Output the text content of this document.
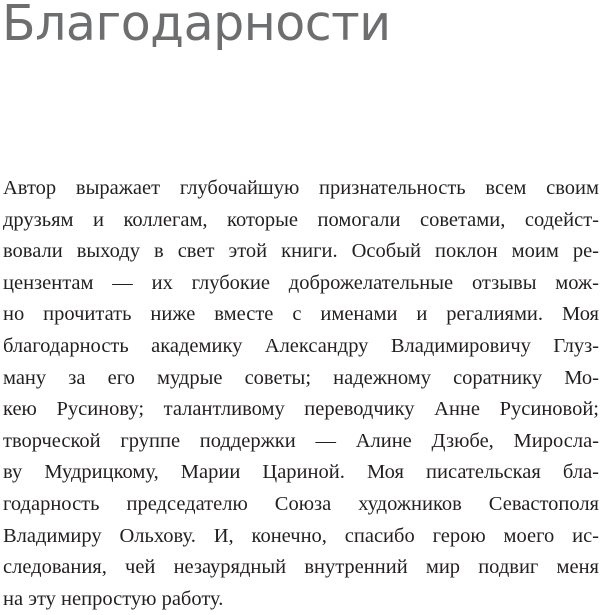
Благодарности
Автор выражает глубочайшую признательность всем своим
друзьям и коллегам, которые помогали советами, содейст-
вовали выходу в свет этой книги. Особый поклон моим ре-
цензентам — их глубокие доброжелательные отзывы мож-
но прочитать ниже вместе с именами и регалиями. Моя
благодарность академику Александру Владимировичу Глуз-
ману за его мудрые советы; надежному соратнику Мо-
кею Русинову; талантливому переводчику Анне Русиновой;
творческой группе поддержки — Алине Дзюбе, Миросла-
ву Мудрицкому, Марии Цариной. Моя писательская бла-
годарность председателю Союза художников Севастополя
Владимиру Ольхову. И, конечно, спасибо герою моего ис-
следования, чей незаурядный внутренний мир подвиг меня
на эту непростую работу.
